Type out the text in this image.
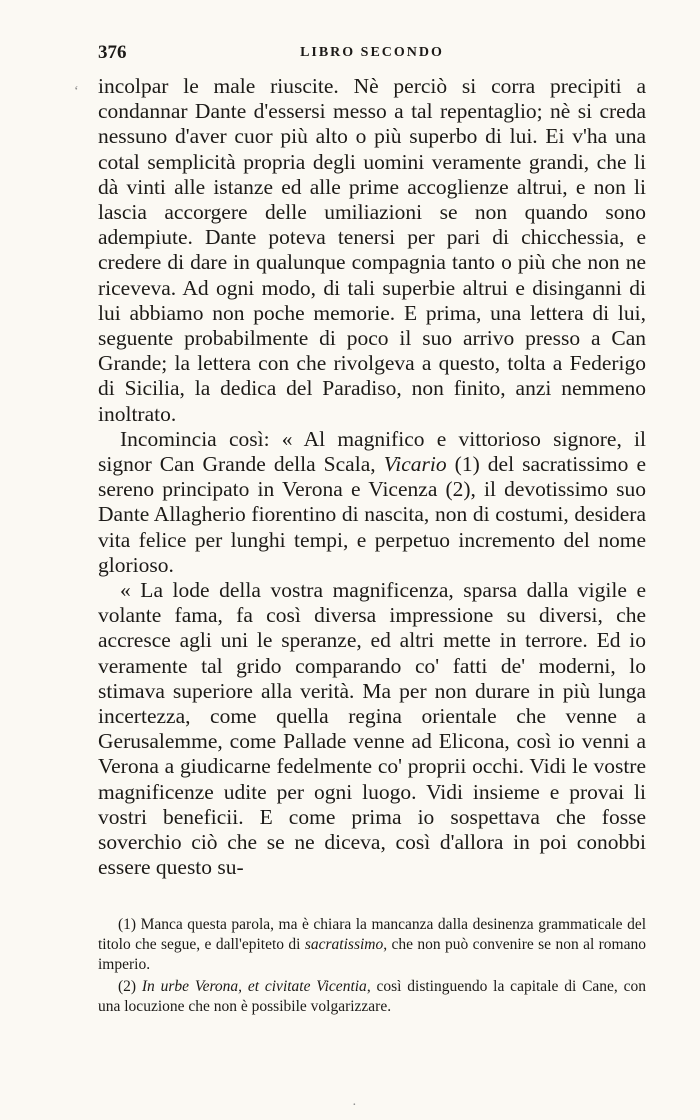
376	LIBRO SECONDO

incolpar le male riuscite. Nè perciò si corra precipiti a condannar Dante d'essersi messo a tal repentaglio; nè si creda nessuno d'aver cuor più alto o più superbo di lui. Ei v'ha una cotal semplicità propria degli uomini veramente grandi, che li dà vinti alle istanze ed alle prime accoglienze altrui, e non li lascia accorgere delle umiliazioni se non quando sono adempiute. Dante poteva tenersi per pari di chicchessia, e credere di dare in qualunque compagnia tanto o più che non ne riceveva. Ad ogni modo, di tali superbie altrui e disinganni di lui abbiamo non poche memorie. E prima, una lettera di lui, seguente probabilmente di poco il suo arrivo presso a Can Grande; la lettera con che rivolgeva a questo, tolta a Federigo di Sicilia, la dedica del Paradiso, non finito, anzi nemmeno inoltrato.

Incomincia così: « Al magnifico e vittorioso signore, il signor Can Grande della Scala, Vicario (1) del sacratissimo e sereno principato in Verona e Vicenza (2), il devotissimo suo Dante Allagherio fiorentino di nascita, non di costumi, desidera vita felice per lunghi tempi, e perpetuo incremento del nome glorioso.

« La lode della vostra magnificenza, sparsa dalla vigile e volante fama, fa così diversa impressione su diversi, che accresce agli uni le speranze, ed altri mette in terrore. Ed io veramente tal grido comparando co' fatti de' moderni, lo stimava superiore alla verità. Ma per non durare in più lunga incertezza, come quella regina orientale che venne a Gerusalemme, come Pallade venne ad Elicona, così io venni a Verona a giudicarne fedelmente co' proprii occhi. Vidi le vostre magnificenze udite per ogni luogo. Vidi insieme e provai li vostri beneficii. E come prima io sospettava che fosse soverchio ciò che se ne diceva, così d'allora in poi conobbi essere questo su-

(1) Manca questa parola, ma è chiara la mancanza dalla desinenza grammaticale del titolo che segue, e dall'epiteto di sacratissimo, che non può convenire se non al romano imperio.

(2) In urbe Verona, et civitate Vicentia, così distinguendo la capitale di Cane, con una locuzione che non è possibile volgarizzare.

‘
·
